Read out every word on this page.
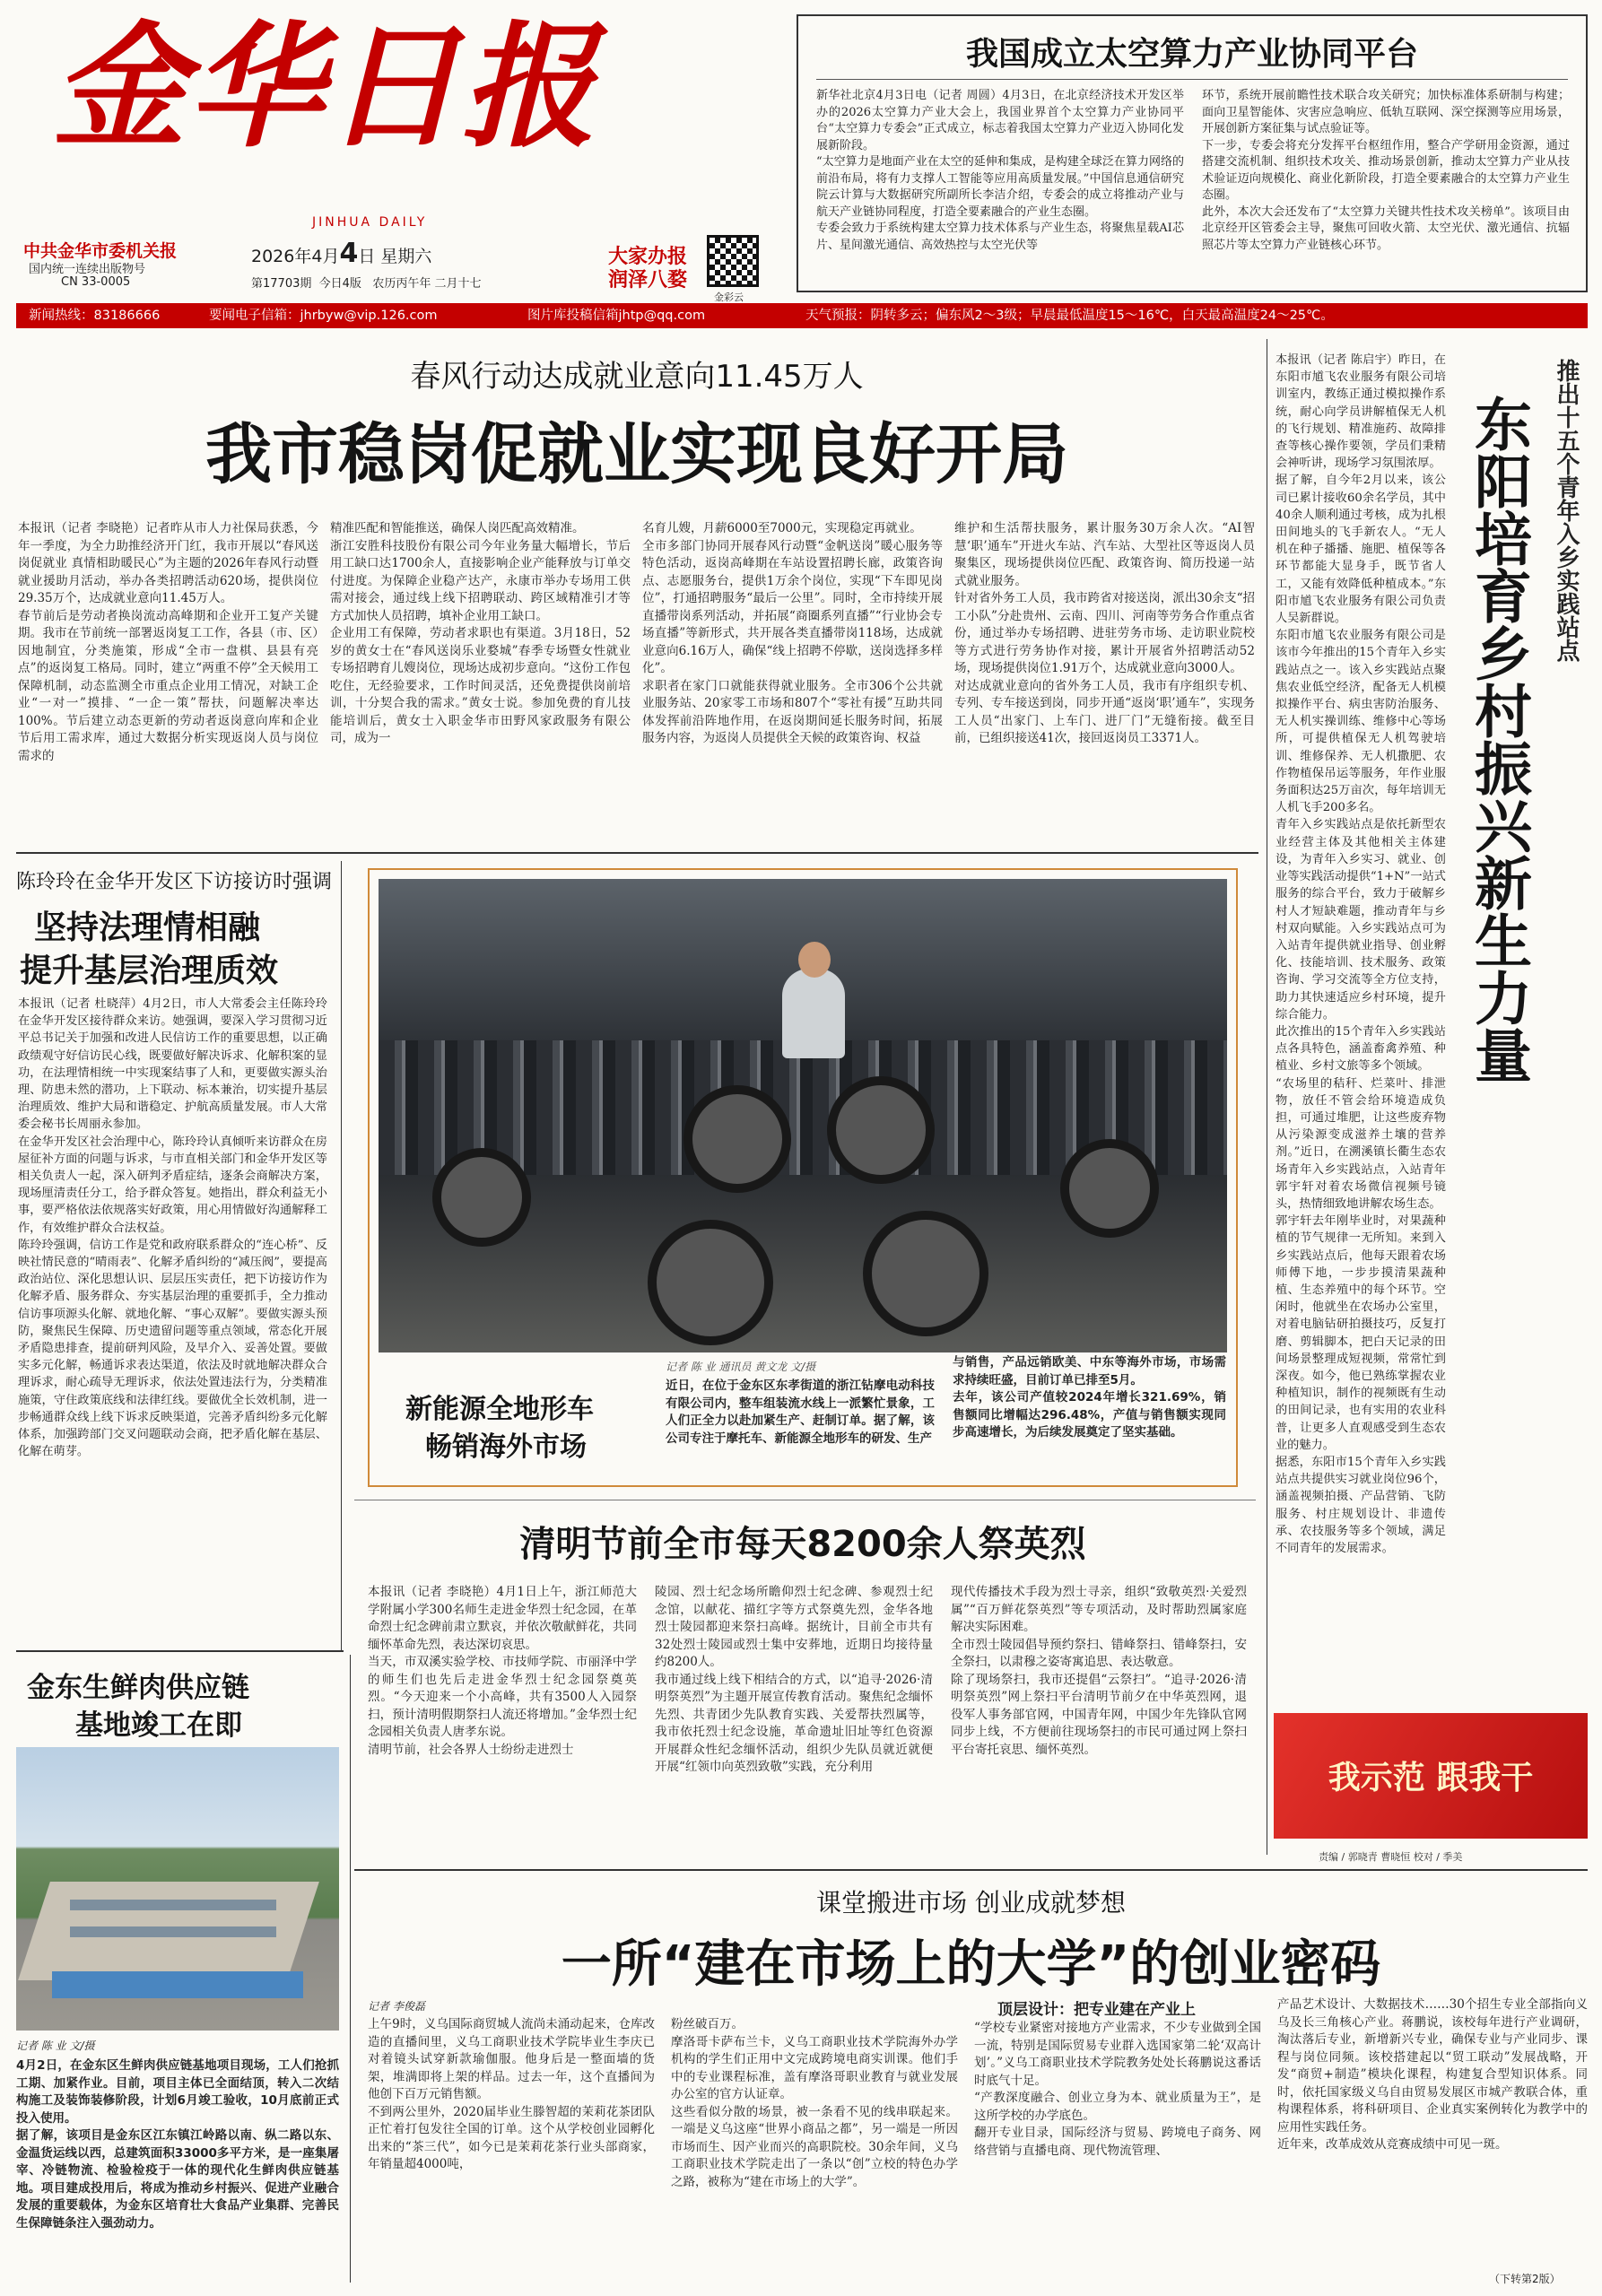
金华日报
JINHUA DAILY
中共金华市委机关报
国内统一连续出版物号
CN 33-0005
2026年4月4日 星期六
第17703期 今日4版 农历丙午年 二月十七
大家办报
润泽八婺
金彩云
我国成立太空算力产业协同平台
新华社北京4月3日电（记者 周圆）4月3日，在北京经济技术开发区举办的2026太空算力产业大会上，我国业界首个太空算力产业协同平台“太空算力专委会”正式成立，标志着我国太空算力产业迈入协同化发展新阶段。
“太空算力是地面产业在太空的延伸和集成，是构建全球泛在算力网络的前沿布局，将有力支撑人工智能等应用高质量发展。”中国信息通信研究院云计算与大数据研究所副所长李洁介绍，专委会的成立将推动产业与航天产业链协同程度，打造全要素融合的产业生态圈。
专委会致力于系统构建太空算力技术体系与产业生态，将聚焦星载AI芯片、星间激光通信、高效热控与太空光伏等
环节，系统开展前瞻性技术联合攻关研究；加快标准体系研制与构建；面向卫星智能体、灾害应急响应、低轨互联网、深空探测等应用场景，开展创新方案征集与试点验证等。
下一步，专委会将充分发挥平台枢纽作用，整合产学研用金资源，通过搭建交流机制、组织技术攻关、推动场景创新，推动太空算力产业从技术验证迈向规模化、商业化新阶段，打造全要素融合的太空算力产业生态圈。
此外，本次大会还发布了“太空算力关键共性技术攻关榜单”。该项目由北京经开区管委会主导，聚焦可回收火箭、太空光伏、激光通信、抗辐照芯片等太空算力产业链核心环节。
新闻热线：83186666	要闻电子信箱：jhrbyw@vip.126.com	图片库投稿信箱jhtp@qq.com	天气预报：阴转多云；偏东风2～3级；早晨最低温度15～16℃，白天最高温度24～25℃。
春风行动达成就业意向11.45万人
我市稳岗促就业实现良好开局
本报讯（记者 李晓艳）记者昨从市人力社保局获悉，今年一季度，为全力助推经济开门红，我市开展以“春风送岗促就业 真情相助暖民心”为主题的2026年春风行动暨就业援助月活动，举办各类招聘活动620场，提供岗位29.35万个，达成就业意向11.45万人。
春节前后是劳动者换岗流动高峰期和企业开工复产关键期。我市在节前统一部署返岗复工工作，各县（市、区）因地制宜，分类施策，形成“全市一盘棋、县县有亮点”的返岗复工格局。同时，建立“两重不停”全天候用工保障机制，动态监测全市重点企业用工情况，对缺工企业“一对一”摸排、“一企一策”帮扶，问题解决率达100%。节后建立动态更新的劳动者返岗意向库和企业节后用工需求库，通过大数据分析实现返岗人员与岗位需求的
精准匹配和智能推送，确保人岗匹配高效精准。
浙江安胜科技股份有限公司今年业务量大幅增长，节后用工缺口达1700余人，直接影响企业产能释放与订单交付进度。为保障企业稳产达产，永康市举办专场用工供需对接会，通过线上线下招聘联动、跨区域精准引才等方式加快人员招聘，填补企业用工缺口。
企业用工有保障，劳动者求职也有渠道。3月18日，52岁的黄女士在“春风送岗乐业婺城”春季专场暨女性就业专场招聘育儿嫂岗位，现场达成初步意向。“这份工作包吃住，无经验要求，工作时间灵活，还免费提供岗前培训，十分契合我的需求。”黄女士说。参加免费的育儿技能培训后，黄女士入职金华市田野风家政服务有限公司，成为一
名育儿嫂，月薪6000至7000元，实现稳定再就业。
全市多部门协同开展春风行动暨“金帆送岗”暖心服务等特色活动，返岗高峰期在车站设置招聘长廊，政策咨询点、志愿服务台，提供1万余个岗位，实现“下车即见岗位”，打通招聘服务“最后一公里”。同时，全市持续开展直播带岗系列活动，并拓展“商圈系列直播”“行业协会专场直播”等新形式，共开展各类直播带岗118场，达成就业意向6.16万人，确保“线上招聘不停歇，送岗选择多样化”。
求职者在家门口就能获得就业服务。全市306个公共就业服务站、20家零工市场和807个“零社有援”互助共同体发挥前沿阵地作用，在返岗期间延长服务时间，拓展服务内容，为返岗人员提供全天候的政策咨询、权益
维护和生活帮扶服务，累计服务30万余人次。“AI智慧‘职’通车”开进火车站、汽车站、大型社区等返岗人员聚集区，现场提供岗位匹配、政策咨询、简历投递一站式就业服务。
针对省外务工人员，我市跨省对接送岗，派出30余支“招工小队”分赴贵州、云南、四川、河南等劳务合作重点省份，通过举办专场招聘、进驻劳务市场、走访职业院校等方式进行劳务协作对接，累计开展省外招聘活动52场，现场提供岗位1.91万个，达成就业意向3000人。
对达成就业意向的省外务工人员，我市有序组织专机、专列、专车接送到岗，同步开通“返岗‘职’通车”，实现务工人员“出家门、上车门、进厂门”无缝衔接。截至目前，已组织接送41次，接回返岗员工3371人。
本报讯（记者 陈启宇）昨日，在东阳市馗飞农业服务有限公司培训室内，教练正通过模拟操作系统，耐心向学员讲解植保无人机的飞行规划、精准施药、故障排查等核心操作要领，学员们秉精会神听讲，现场学习氛围浓厚。
据了解，自今年2月以来，该公司已累计接收60余名学员，其中40余人顺利通过考核，成为扎根田间地头的飞手新农人。“无人机在种子播播、施肥、植保等各环节都能大显身手，既节省人工，又能有效降低种植成本。”东阳市馗飞农业服务有限公司负责人吴新群说。
东阳市馗飞农业服务有限公司是该市今年推出的15个青年入乡实践站点之一。该入乡实践站点聚焦农业低空经济，配备无人机模拟操作平台、病虫害防治服务、无人机实操训练、维修中心等场所，可提供植保无人机驾驶培训、维修保养、无人机撒肥、农作物植保吊运等服务，年作业服务面积达25万亩次，每年培训无人机飞手200多名。
青年入乡实践站点是依托新型农业经营主体及其他相关主体建设，为青年入乡实习、就业、创业等实践活动提供“1+N”一站式服务的综合平台，致力于破解乡村人才短缺难题，推动青年与乡村双向赋能。入乡实践站点可为入站青年提供就业指导、创业孵化、技能培训、技术服务、政策咨询、学习交流等全方位支持，助力其快速适应乡村环境，提升综合能力。
此次推出的15个青年入乡实践站点各具特色，涵盖畜禽养殖、种植业、乡村文旅等多个领域。
“农场里的秸秆、烂菜叶、排泄物，放任不管会给环境造成负担，可通过堆肥，让这些废弃物从污染源变成滋养土壤的营养剂。”近日，在溯溪镇长衢生态农场青年入乡实践站点，入站青年郭宇轩对着农场微信视频号镜头，热情细致地讲解农场生态。
郭宇轩去年刚毕业时，对果蔬种植的节气规律一无所知。来到入乡实践站点后，他每天跟着农场师傅下地，一步步摸清果蔬种植、生态养殖中的每个环节。空闲时，他就坐在农场办公室里，对着电脑钻研拍摄技巧，反复打磨、剪辑脚本，把白天记录的田间场景整理成短视频，常常忙到深夜。如今，他已熟练掌握农业种植知识，制作的视频既有生动的田间记录，也有实用的农业科普，让更多人直观感受到生态农业的魅力。
据悉，东阳市15个青年入乡实践站点共提供实习就业岗位96个，涵盖视频拍摄、产品营销、飞防服务、村庄规划设计、非遗传承、农技服务等多个领域，满足不同青年的发展需求。
东阳培育乡村振兴新生力量 推出十五个青年入乡实践站点
陈玲玲在金华开发区下访接访时强调
坚持法理情相融
提升基层治理质效
本报讯（记者 杜晓萍）4月2日，市人大常委会主任陈玲玲在金华开发区接待群众来访。她强调，要深入学习贯彻习近平总书记关于加强和改进人民信访工作的重要思想，以正确政绩观守好信访民心线，既要做好解决诉求、化解积案的显功，在法理情相统一中实现案结事了人和，更要做实源头治理、防患未然的潜功，上下联动、标本兼治，切实提升基层治理质效、维护大局和谐稳定、护航高质量发展。市人大常委会秘书长周丽永参加。
在金华开发区社会治理中心，陈玲玲认真倾听来访群众在房屋征补方面的问题与诉求，与市直相关部门和金华开发区等相关负责人一起，深入研判矛盾症结，逐条会商解决方案，现场厘清责任分工，给予群众答复。她指出，群众利益无小事，要严格依法依规落实好政策，用心用情做好沟通解释工作，有效维护群众合法权益。
陈玲玲强调，信访工作是党和政府联系群众的“连心桥”、反映社情民意的“晴雨表”、化解矛盾纠纷的“减压阀”，要提高政治站位、深化思想认识、层层压实责任，把下访接访作为化解矛盾、服务群众、夯实基层治理的重要抓手，全力推动信访事项源头化解、就地化解、“事心双解”。要做实源头预防，聚焦民生保障、历史遗留问题等重点领域，常态化开展矛盾隐患排查，提前研判风险，及早介入、妥善处置。要做实多元化解，畅通诉求表达渠道，依法及时就地解决群众合理诉求，耐心疏导无理诉求，依法处置违法行为，分类精准施策，守住政策底线和法律红线。要做优全长效机制，进一步畅通群众线上线下诉求反映渠道，完善矛盾纠纷多元化解体系，加强跨部门交叉问题联动会商，把矛盾化解在基层、化解在萌芽。
记者 陈 业 通讯员 黄文龙 文/摄
新能源全地形车
畅销海外市场
近日，在位于金东区东孝街道的浙江钻摩电动科技有限公司内，整车组装流水线上一派繁忙景象，工人们正全力以赴加紧生产、赶制订单。据了解，该公司专注于摩托车、新能源全地形车的研发、生产
与销售，产品远销欧美、中东等海外市场，市场需求持续旺盛，目前订单已排至5月。
去年，该公司产值较2024年增长321.69%，销售额同比增幅达296.48%，产值与销售额实现同步高速增长，为后续发展奠定了坚实基础。
清明节前全市每天8200余人祭英烈
本报讯（记者 李晓艳）4月1日上午，浙江师范大学附属小学300名师生走进金华烈士纪念园，在革命烈士纪念碑前肃立默哀，并依次敬献鲜花，共同缅怀革命先烈，表达深切哀思。
当天，市双溪实验学校、市技师学院、市丽泽中学的师生们也先后走进金华烈士纪念园祭奠英烈。“今天迎来一个小高峰，共有3500人入园祭扫，预计清明假期祭扫人流还将增加。”金华烈士纪念园相关负责人唐孝东说。
清明节前，社会各界人士纷纷走进烈士
陵园、烈士纪念场所瞻仰烈士纪念碑、参观烈士纪念馆，以献花、描红字等方式祭奠先烈，金华各地烈士陵园都迎来祭扫高峰。据统计，目前全市共有32处烈士陵园或烈士集中安葬地，近期日均接待量约8200人。
我市通过线上线下相结合的方式，以“追寻·2026·清明祭英烈”为主题开展宣传教育活动。聚焦纪念缅怀先烈、共青团少先队教育实践、关爱帮扶烈属等，我市依托烈士纪念设施，革命遗址旧址等红色资源开展群众性纪念缅怀活动，组织少先队员就近就便开展“红领巾向英烈致敬”实践，充分利用
现代传播技术手段为烈士寻亲，组织“致敬英烈·关爱烈属”“百万鲜花祭英烈”等专项活动，及时帮助烈属家庭解决实际困难。
全市烈士陵园倡导预约祭扫、错峰祭扫、错峰祭扫，安全祭扫，以肃穆之姿寄寓追思、表达敬意。
除了现场祭扫，我市还提倡“云祭扫”。“追寻·2026·清明祭英烈”网上祭扫平台清明节前夕在中华英烈网，退役军人事务部官网，中国青年网，中国少年先锋队官网同步上线，不方便前往现场祭扫的市民可通过网上祭扫平台寄托哀思、缅怀英烈。
金东生鲜肉供应链
基地竣工在即
记者 陈 业 文/摄
4月2日，在金东区生鲜肉供应链基地项目现场，工人们抢抓工期、加紧作业。目前，项目主体已全面结顶，转入二次结构施工及装饰装修阶段，计划6月竣工验收，10月底前正式投入使用。
据了解，该项目是金东区江东镇江岭路以南、纵二路以东、金温货运线以西，总建筑面积33000多平方米，是一座集屠宰、冷链物流、检验检疫于一体的现代化生鲜肉供应链基地。项目建成投用后，将成为推动乡村振兴、促进产业融合发展的重要载体，为金东区培育壮大食品产业集群、完善民生保障链条注入强劲动力。
我示范 跟我干
责编 / 郭晓青 曹晓恒 校对 / 季美
课堂搬进市场 创业成就梦想
一所“建在市场上的大学”的创业密码
记者 李俊磊
上午9时，义乌国际商贸城人流尚未涌动起来，仓库改造的直播间里，义乌工商职业技术学院毕业生李庆已对着镜头试穿新款瑜伽服。他身后是一整面墙的货架，堆满即将上架的样品。过去一年，这个直播间为他创下百万元销售额。
不到两公里外，2020届毕业生滕智超的茉莉花茶团队正忙着打包发往全国的订单。这个从学校创业园孵化出来的“茶三代”，如今已是茉莉花茶行业头部商家，年销量超4000吨，
粉丝破百万。
摩洛哥卡萨布兰卡，义乌工商职业技术学院海外办学机构的学生们正用中文完成跨境电商实训课。他们手中的专业课程标准，盖有摩洛哥职业教育与就业发展办公室的官方认证章。
这些看似分散的场景，被一条看不见的线串联起来。一端是义乌这座“世界小商品之都”，另一端是一所因市场而生、因产业而兴的高职院校。30余年间，义乌工商职业技术学院走出了一条以“创”立校的特色办学之路，被称为“建在市场上的大学”。
顶层设计：把专业建在产业上
“学校专业紧密对接地方产业需求，不少专业做到全国一流，特别是国际贸易专业群入选国家第二轮‘双高计划’。”义乌工商职业技术学院教务处处长蒋鹏说这番话时底气十足。
“产教深度融合、创业立身为本、就业质量为王”，是这所学校的办学底色。
翻开专业目录，国际经济与贸易、跨境电子商务、网络营销与直播电商、现代物流管理、
产品艺术设计、大数据技术……30个招生专业全部指向义乌及长三角核心产业。蒋鹏说，该校每年进行产业调研，淘汰落后专业，新增新兴专业，确保专业与产业同步、课程与岗位同频。该校搭建起以“贸工联动”发展战略，开发“商贸+制造”模块化课程，构建复合型知识体系。同时，依托国家级义乌自由贸易发展区市城产教联合体，重构课程体系，将科研项目、企业真实案例转化为教学中的应用性实践任务。
近年来，改革成效从竞赛成绩中可见一斑。
（下转第2版）
